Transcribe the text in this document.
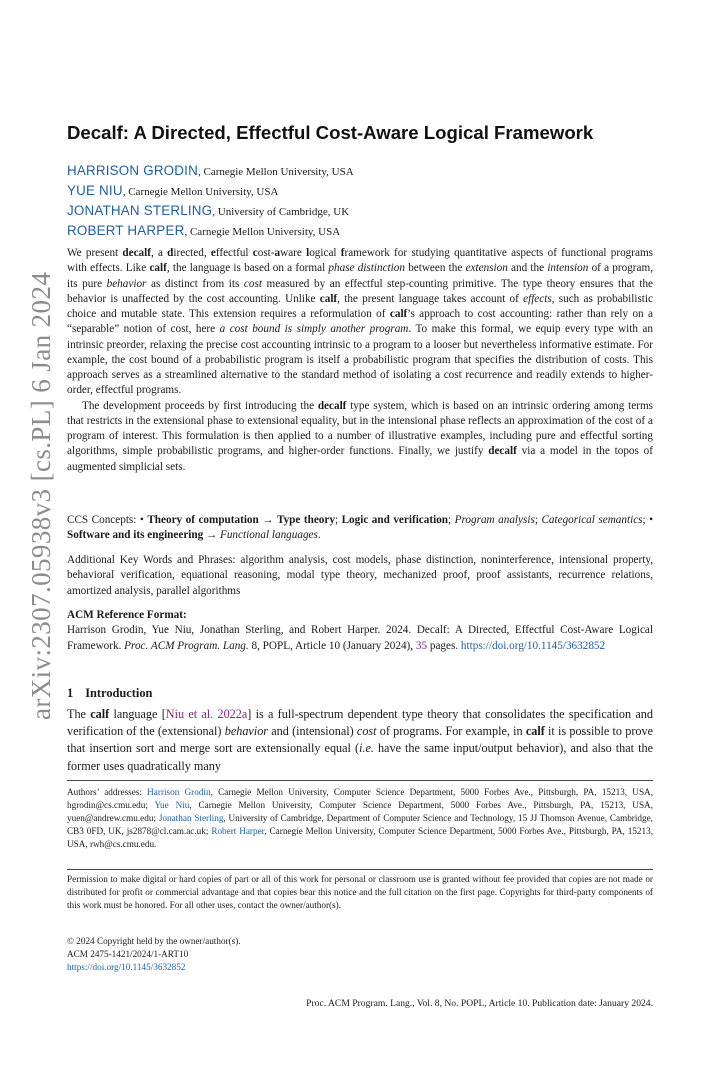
arXiv:2307.05938v3 [cs.PL] 6 Jan 2024
Decalf: A Directed, Effectful Cost-Aware Logical Framework
HARRISON GRODIN, Carnegie Mellon University, USA
YUE NIU, Carnegie Mellon University, USA
JONATHAN STERLING, University of Cambridge, UK
ROBERT HARPER, Carnegie Mellon University, USA

We present decalf, a directed, effectful cost-aware logical framework for studying quantitative aspects of functional programs with effects. Like calf, the language is based on a formal phase distinction between the extension and the intension of a program, its pure behavior as distinct from its cost measured by an effectful step-counting primitive. The type theory ensures that the behavior is unaffected by the cost accounting. Unlike calf, the present language takes account of effects, such as probabilistic choice and mutable state. This extension requires a reformulation of calf’s approach to cost accounting: rather than rely on a “separable” notion of cost, here a cost bound is simply another program. To make this formal, we equip every type with an intrinsic preorder, relaxing the precise cost accounting intrinsic to a program to a looser but nevertheless informative estimate. For example, the cost bound of a probabilistic program is itself a probabilistic program that specifies the distribution of costs. This approach serves as a streamlined alternative to the standard method of isolating a cost recurrence and readily extends to higher-order, effectful programs.

The development proceeds by first introducing the decalf type system, which is based on an intrinsic ordering among terms that restricts in the extensional phase to extensional equality, but in the intensional phase reflects an approximation of the cost of a program of interest. This formulation is then applied to a number of illustrative examples, including pure and effectful sorting algorithms, simple probabilistic programs, and higher-order functions. Finally, we justify decalf via a model in the topos of augmented simplicial sets.

CCS Concepts: • Theory of computation → Type theory; Logic and verification; Program analysis; Categorical semantics; • Software and its engineering → Functional languages.
Additional Key Words and Phrases: algorithm analysis, cost models, phase distinction, noninterference, intensional property, behavioral verification, equational reasoning, modal type theory, mechanized proof, proof assistants, recurrence relations, amortized analysis, parallel algorithms
ACM Reference Format:
Harrison Grodin, Yue Niu, Jonathan Sterling, and Robert Harper. 2024. Decalf: A Directed, Effectful Cost-Aware Logical Framework. Proc. ACM Program. Lang. 8, POPL, Article 10 (January 2024), 35 pages. https://doi.org/10.1145/3632852
1 Introduction
The calf language [Niu et al. 2022a] is a full-spectrum dependent type theory that consolidates the specification and verification of the (extensional) behavior and (intensional) cost of programs. For example, in calf it is possible to prove that insertion sort and merge sort are extensionally equal (i.e. have the same input/output behavior), and also that the former uses quadratically many
Authors’ addresses: Harrison Grodin, Carnegie Mellon University, Computer Science Department, 5000 Forbes Ave., Pittsburgh, PA, 15213, USA, hgrodin@cs.cmu.edu; Yue Niu, Carnegie Mellon University, Computer Science Department, 5000 Forbes Ave., Pittsburgh, PA, 15213, USA, yuen@andrew.cmu.edu; Jonathan Sterling, University of Cambridge, Department of Computer Science and Technology, 15 JJ Thomson Avenue, Cambridge, CB3 0FD, UK, js2878@cl.cam.ac.uk; Robert Harper, Carnegie Mellon University, Computer Science Department, 5000 Forbes Ave., Pittsburgh, PA, 15213, USA, rwh@cs.cmu.edu.
Permission to make digital or hard copies of part or all of this work for personal or classroom use is granted without fee provided that copies are not made or distributed for profit or commercial advantage and that copies bear this notice and the full citation on the first page. Copyrights for third-party components of this work must be honored. For all other uses, contact the owner/author(s).
© 2024 Copyright held by the owner/author(s).
ACM 2475-1421/2024/1-ART10
https://doi.org/10.1145/3632852
Proc. ACM Program. Lang., Vol. 8, No. POPL, Article 10. Publication date: January 2024.
